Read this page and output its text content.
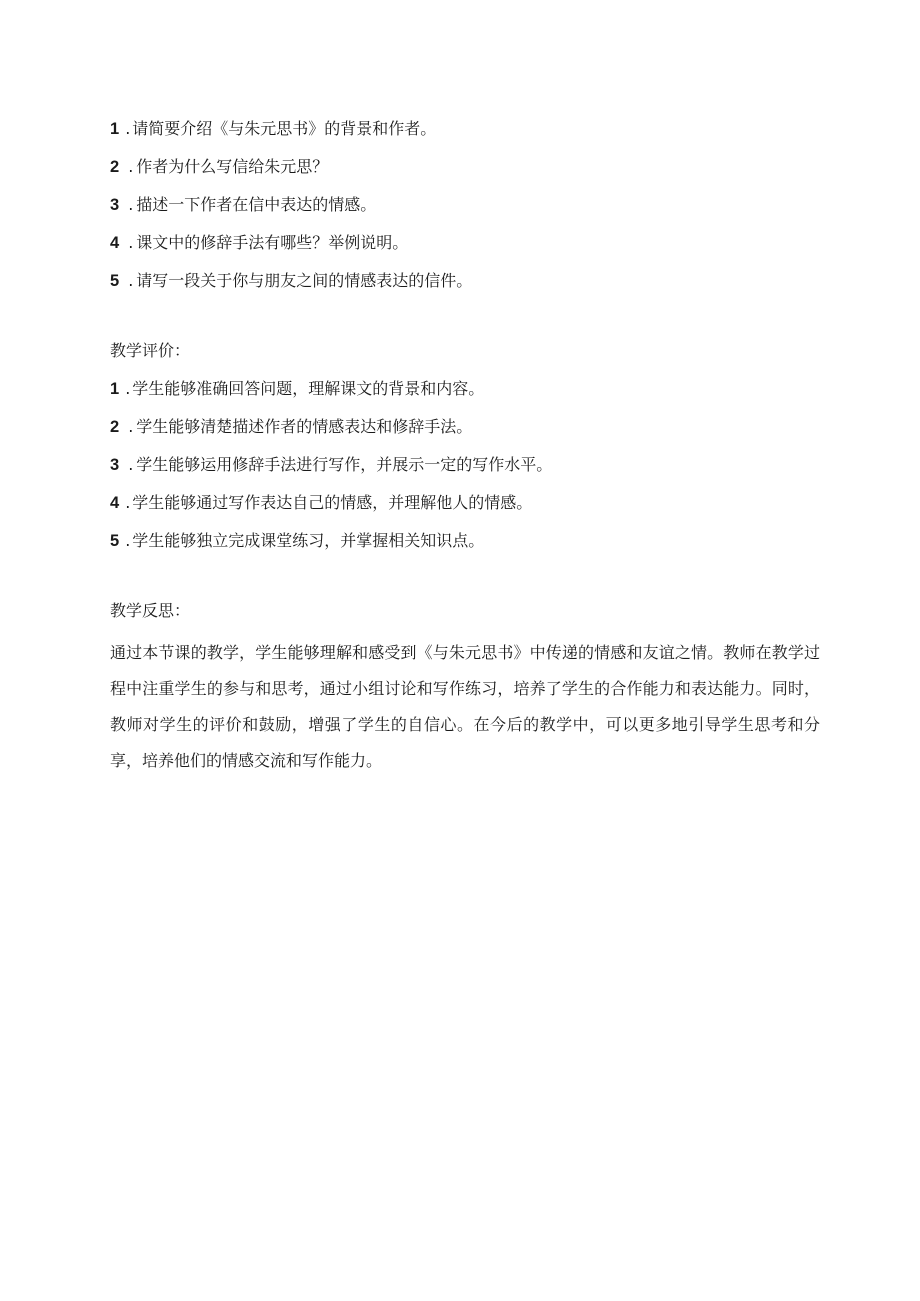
1 . 请简要介绍《与朱元思书》的背景和作者。
2 . 作者为什么写信给朱元思？
3 . 描述一下作者在信中表达的情感。
4 . 课文中的修辞手法有哪些？举例说明。
5 . 请写一段关于你与朋友之间的情感表达的信件。
教学评价：
1 . 学生能够准确回答问题，理解课文的背景和内容。
2 . 学生能够清楚描述作者的情感表达和修辞手法。
3 . 学生能够运用修辞手法进行写作，并展示一定的写作水平。
4 . 学生能够通过写作表达自己的情感，并理解他人的情感。
5 . 学生能够独立完成课堂练习，并掌握相关知识点。
教学反思：
通过本节课的教学，学生能够理解和感受到《与朱元思书》中传递的情感和友谊之情。教师在教学过程中注重学生的参与和思考，通过小组讨论和写作练习，培养了学生的合作能力和表达能力。同时，教师对学生的评价和鼓励，增强了学生的自信心。在今后的教学中，可以更多地引导学生思考和分享，培养他们的情感交流和写作能力。
